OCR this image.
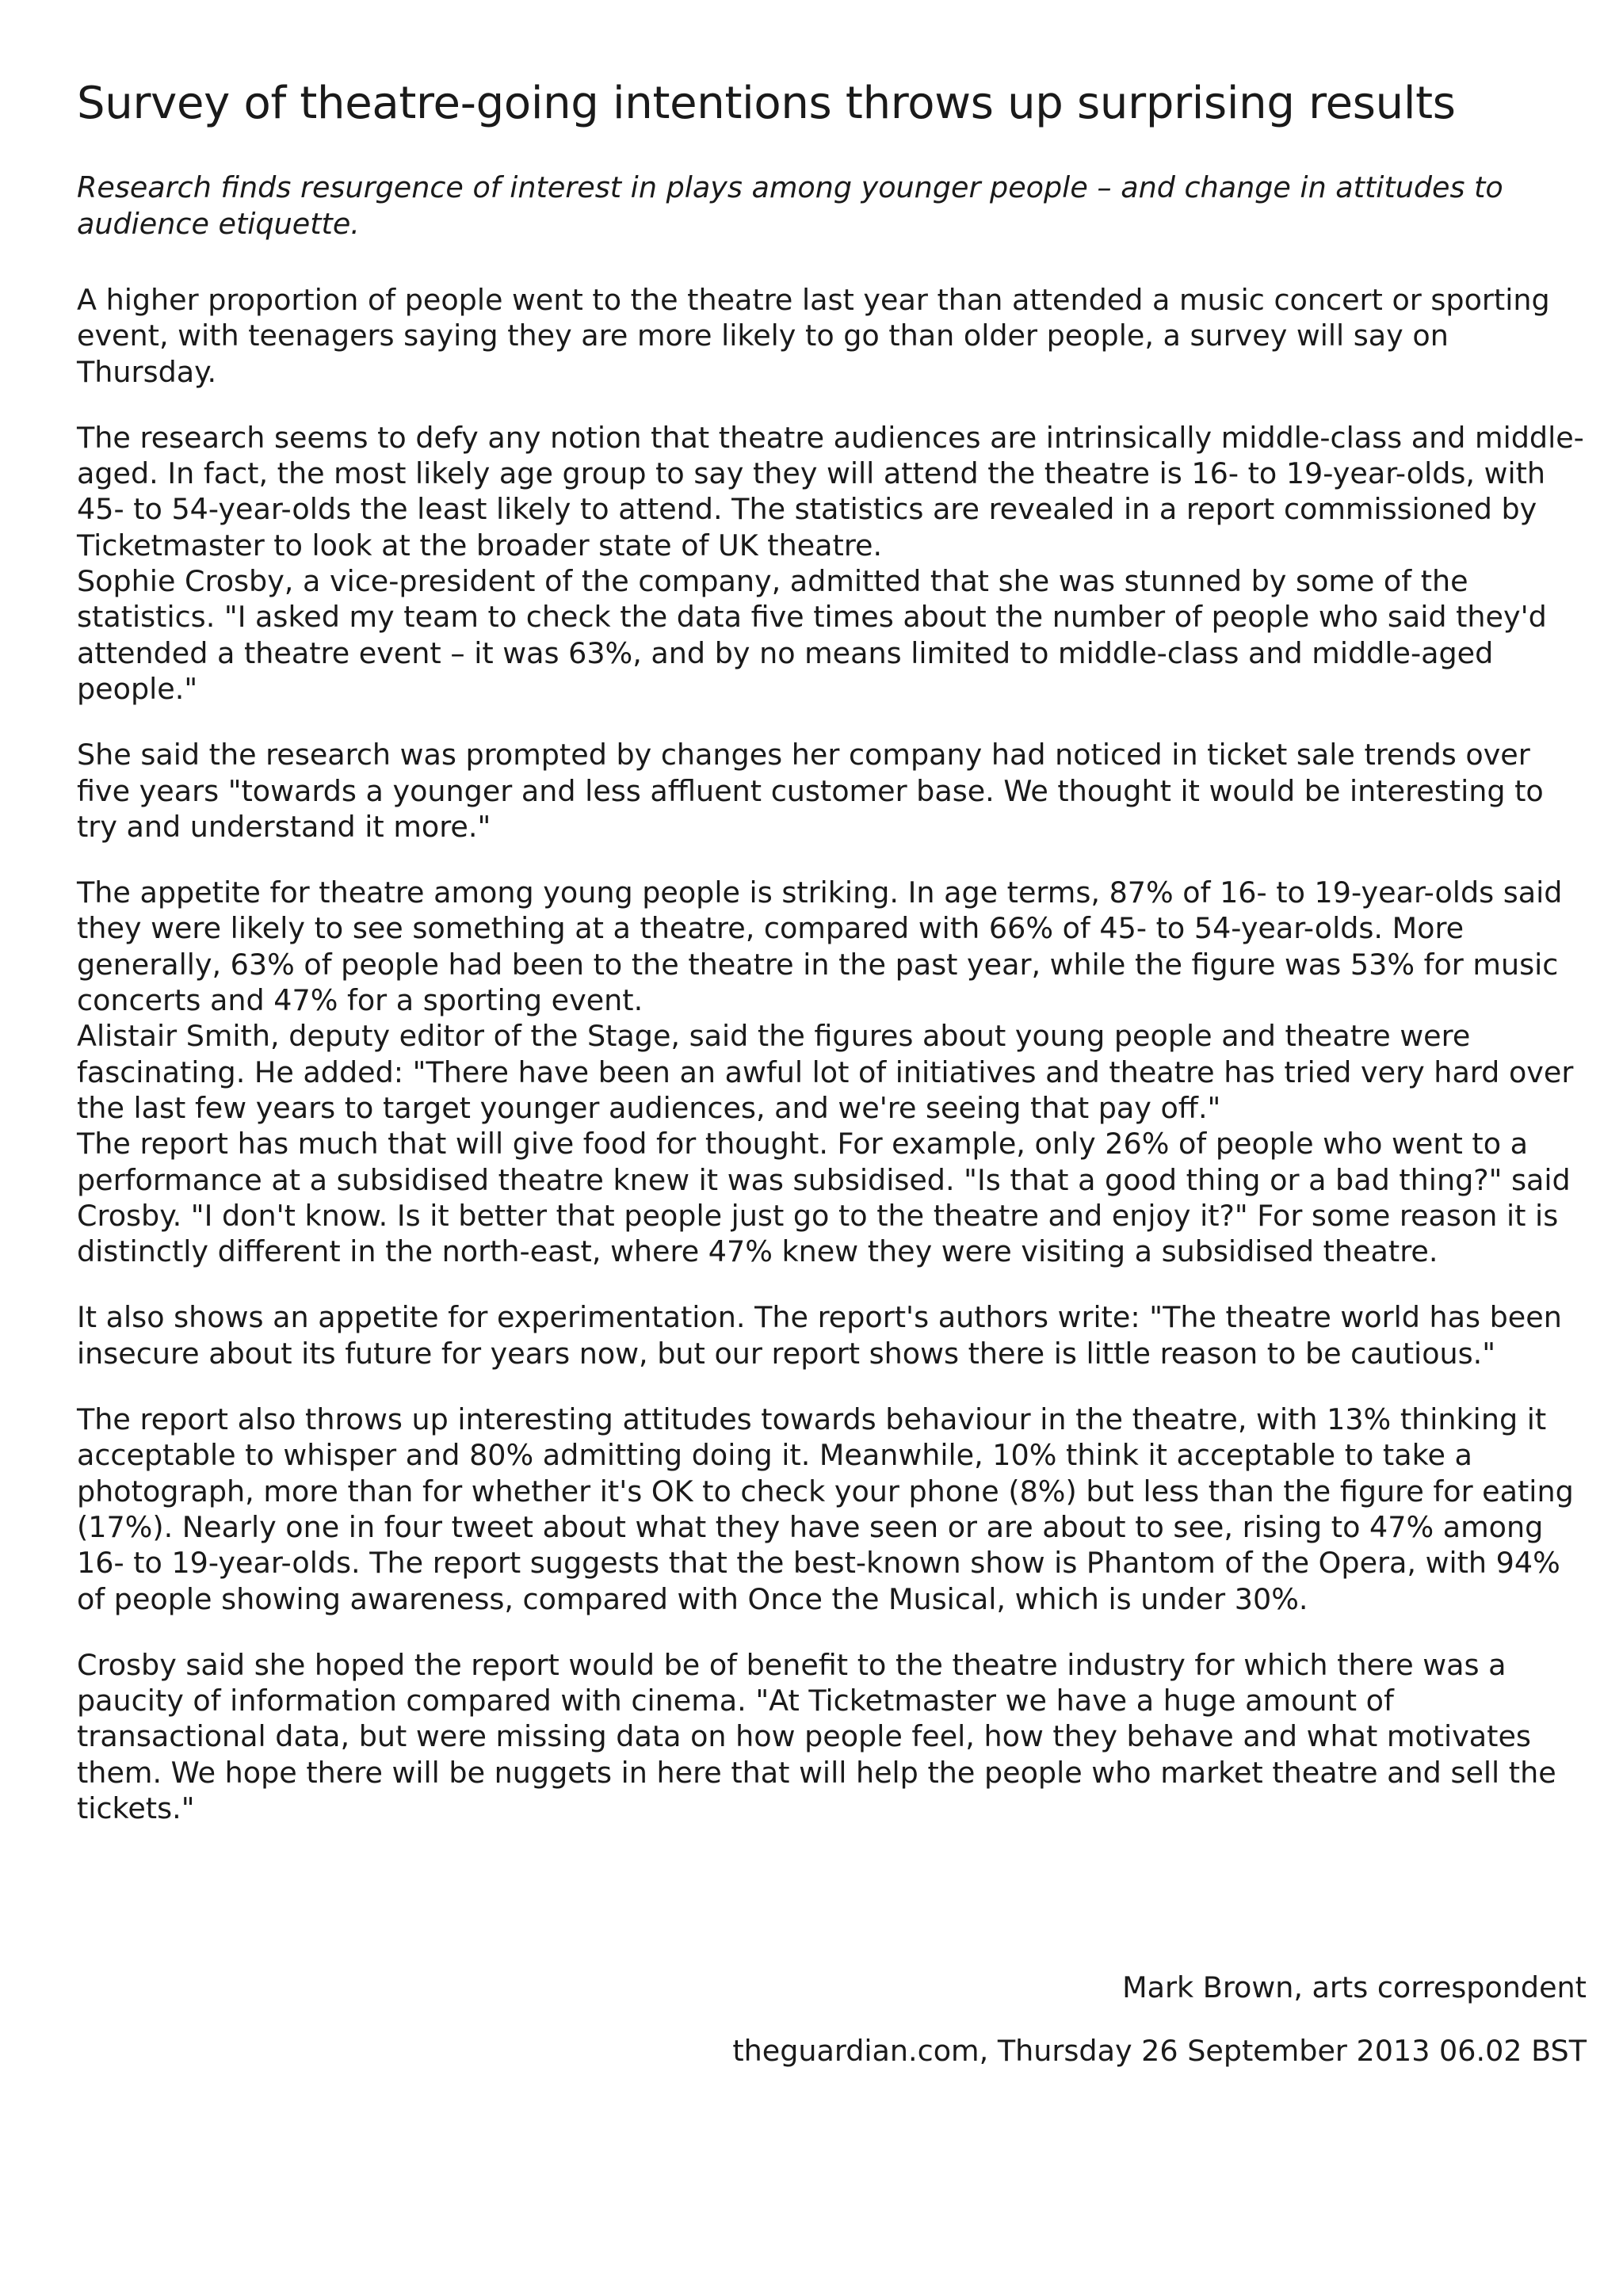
Survey of theatre-going intentions throws up surprising results

Research finds resurgence of interest in plays among younger people – and change in attitudes to audience etiquette.

A higher proportion of people went to the theatre last year than attended a music concert or sporting event, with teenagers saying they are more likely to go than older people, a survey will say on Thursday.

The research seems to defy any notion that theatre audiences are intrinsically middle-class and middle-aged. In fact, the most likely age group to say they will attend the theatre is 16- to 19-year-olds, with 45- to 54-year-olds the least likely to attend. The statistics are revealed in a report commissioned by Ticketmaster to look at the broader state of UK theatre.

Sophie Crosby, a vice-president of the company, admitted that she was stunned by some of the statistics. "I asked my team to check the data five times about the number of people who said they'd attended a theatre event – it was 63%, and by no means limited to middle-class and middle-aged people."

She said the research was prompted by changes her company had noticed in ticket sale trends over five years "towards a younger and less affluent customer base. We thought it would be interesting to try and understand it more."

The appetite for theatre among young people is striking. In age terms, 87% of 16- to 19-year-olds said they were likely to see something at a theatre, compared with 66% of 45- to 54-year-olds. More generally, 63% of people had been to the theatre in the past year, while the figure was 53% for music concerts and 47% for a sporting event.

Alistair Smith, deputy editor of the Stage, said the figures about young people and theatre were fascinating. He added: "There have been an awful lot of initiatives and theatre has tried very hard over the last few years to target younger audiences, and we're seeing that pay off."

The report has much that will give food for thought. For example, only 26% of people who went to a performance at a subsidised theatre knew it was subsidised. "Is that a good thing or a bad thing?" said Crosby. "I don't know. Is it better that people just go to the theatre and enjoy it?" For some reason it is distinctly different in the north-east, where 47% knew they were visiting a subsidised theatre.

It also shows an appetite for experimentation. The report's authors write: "The theatre world has been insecure about its future for years now, but our report shows there is little reason to be cautious."

The report also throws up interesting attitudes towards behaviour in the theatre, with 13% thinking it acceptable to whisper and 80% admitting doing it. Meanwhile, 10% think it acceptable to take a photograph, more than for whether it's OK to check your phone (8%) but less than the figure for eating (17%). Nearly one in four tweet about what they have seen or are about to see, rising to 47% among 16- to 19-year-olds. The report suggests that the best-known show is Phantom of the Opera, with 94% of people showing awareness, compared with Once the Musical, which is under 30%.

Crosby said she hoped the report would be of benefit to the theatre industry for which there was a paucity of information compared with cinema. "At Ticketmaster we have a huge amount of transactional data, but were missing data on how people feel, how they behave and what motivates them. We hope there will be nuggets in here that will help the people who market theatre and sell the tickets."

Mark Brown, arts correspondent

theguardian.com, Thursday 26 September 2013 06.02 BST
